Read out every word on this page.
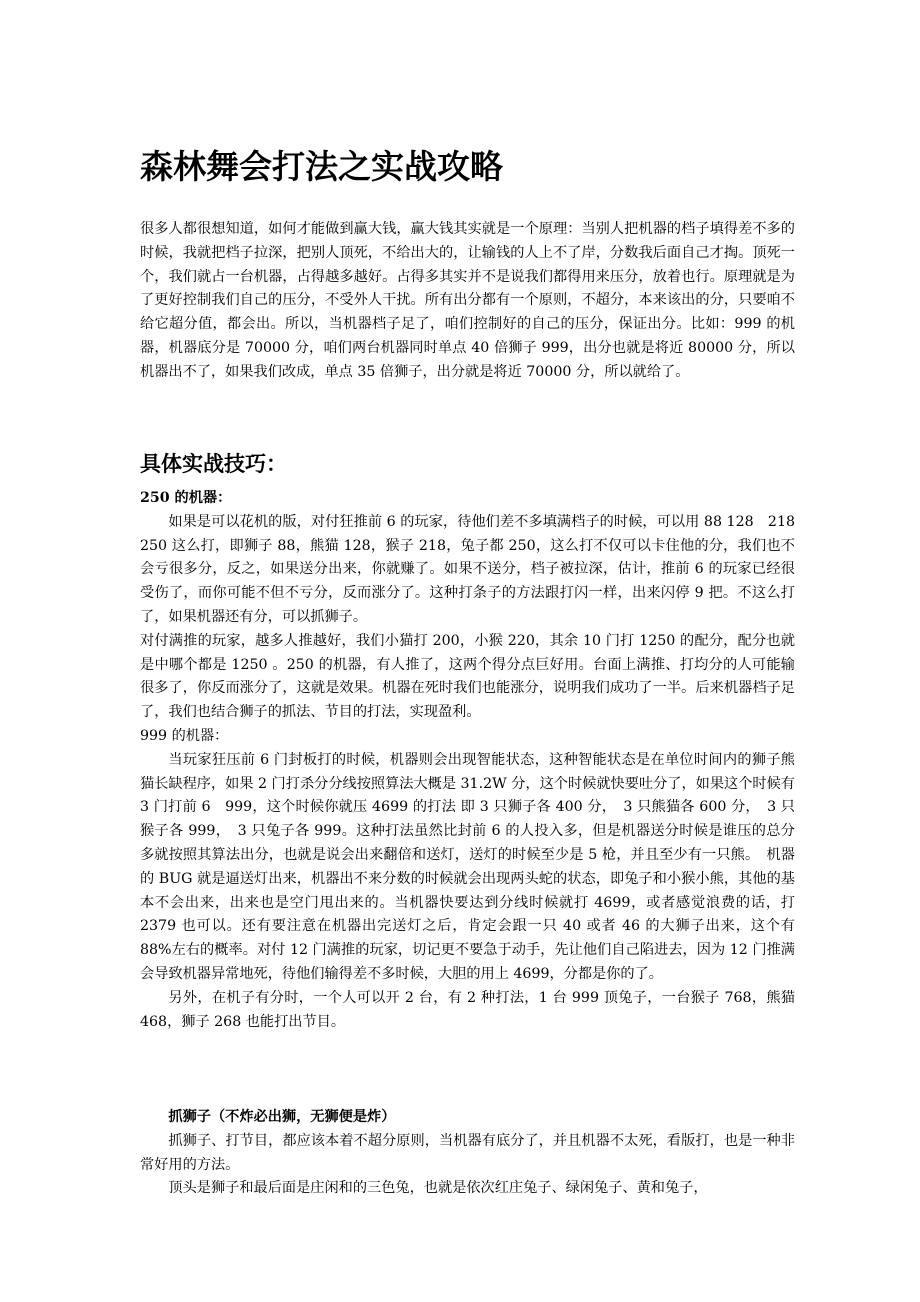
森林舞会打法之实战攻略

很多人都很想知道，如何才能做到赢大钱，赢大钱其实就是一个原理：当别人把机器的档子填得差不多的时候，我就把档子拉深，把别人顶死，不给出大的，让输钱的人上不了岸，分数我后面自己才掏。顶死一个，我们就占一台机器，占得越多越好。占得多其实并不是说我们都得用来压分，放着也行。原理就是为了更好控制我们自己的压分，不受外人干扰。所有出分都有一个原则，不超分，本来该出的分，只要咱不给它超分值，都会出。所以，当机器档子足了，咱们控制好的自己的压分，保证出分。比如：999 的机器，机器底分是 70000 分，咱们两台机器同时单点 40 倍狮子 999，出分也就是将近 80000 分，所以机器出不了，如果我们改成，单点 35 倍狮子，出分就是将近 70000 分，所以就给了。

具体实战技巧：

250 的机器：

如果是可以花机的版，对付狂推前 6 的玩家，待他们差不多填满档子的时候，可以用 88 128　218　250 这么打，即狮子 88，熊猫 128，猴子 218，兔子都 250，这么打不仅可以卡住他的分，我们也不会亏很多分，反之，如果送分出来，你就赚了。如果不送分，档子被拉深，估计，推前 6 的玩家已经很受伤了，而你可能不但不亏分，反而涨分了。这种打条子的方法跟打闪一样，出来闪停 9 把。不这么打了，如果机器还有分，可以抓狮子。

对付满推的玩家，越多人推越好，我们小猫打 200，小猴 220，其余 10 门打 1250 的配分，配分也就是中哪个都是 1250 。250 的机器，有人推了，这两个得分点巨好用。台面上满推、打均分的人可能输很多了，你反而涨分了，这就是效果。机器在死时我们也能涨分，说明我们成功了一半。后来机器档子足了，我们也结合狮子的抓法、节目的打法，实现盈利。

999 的机器：

当玩家狂压前 6 门封板打的时候，机器则会出现智能状态，这种智能状态是在单位时间内的狮子熊猫长缺程序，如果 2 门打杀分分线按照算法大概是 31.2W 分，这个时候就快要吐分了，如果这个时候有 3 门打前 6　999，这个时候你就压 4699 的打法 即 3 只狮子各 400 分，　3 只熊猫各 600 分，　3 只猴子各 999，　3 只兔子各 999。这种打法虽然比封前 6 的人投入多，但是机器送分时候是谁压的总分多就按照其算法出分，也就是说会出来翻倍和送灯，送灯的时候至少是 5 枪，并且至少有一只熊。　机器的 BUG 就是逼送灯出来，机器出不来分数的时候就会出现两头蛇的状态，即兔子和小猴小熊，其他的基本不会出来，出来也是空门甩出来的。当机器快要达到分线时候就打 4699，或者感觉浪费的话，打 2379 也可以。还有要注意在机器出完送灯之后，肯定会跟一只 40 或者 46 的大狮子出来，这个有 88%左右的概率。对付 12 门满推的玩家，切记更不要急于动手，先让他们自己陷进去，因为 12 门推满会导致机器异常地死，待他们输得差不多时候，大胆的用上 4699，分都是你的了。

另外，在机子有分时，一个人可以开 2 台，有 2 种打法，1 台 999 顶兔子，一台猴子 768，熊猫 468，狮子 268 也能打出节目。

抓狮子（不炸必出狮，无狮便是炸）

抓狮子、打节目，都应该本着不超分原则，当机器有底分了，并且机器不太死，看版打，也是一种非常好用的方法。

顶头是狮子和最后面是庄闲和的三色兔，也就是依次红庄兔子、绿闲兔子、黄和兔子，
